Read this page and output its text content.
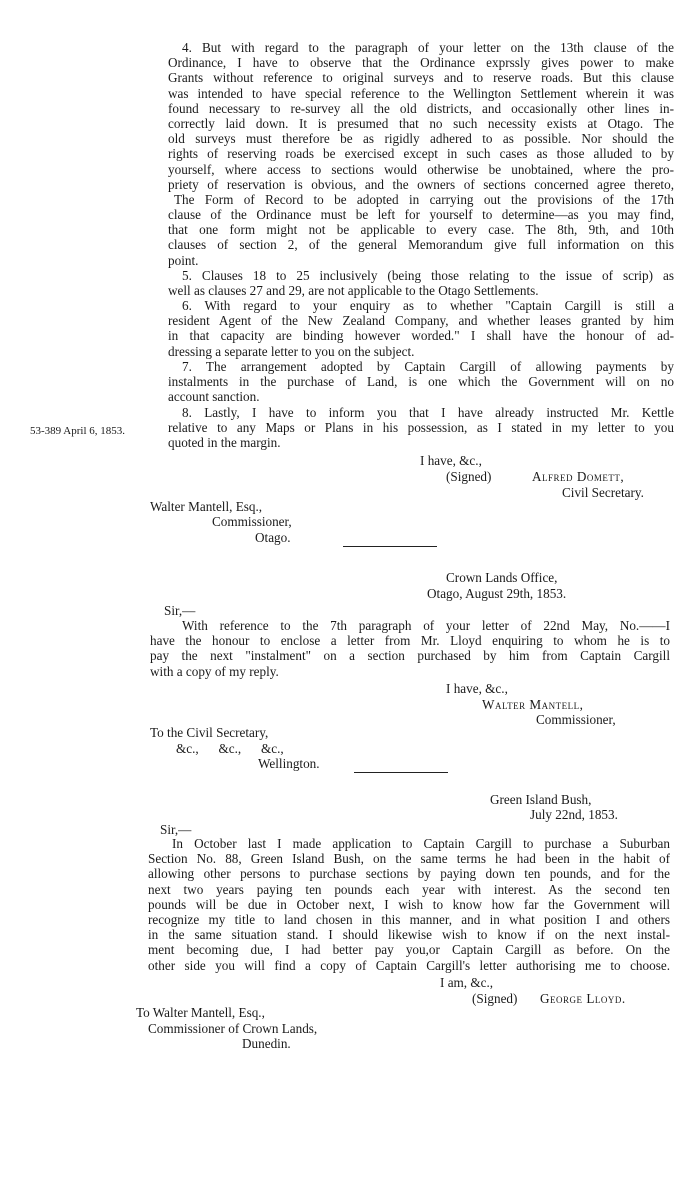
4. But with regard to the paragraph of your letter on the 13th clause of the
Ordinance, I have to observe that the Ordinance exprssly gives power to make
Grants without reference to original surveys and to reserve roads. But this clause
was intended to have special reference to the Wellington Settlement wherein it was
found necessary to re-survey all the old districts, and occasionally other lines in-
correctly laid down. It is presumed that no such necessity exists at Otago. The
old surveys must therefore be as rigidly adhered to as possible. Nor should the
rights of reserving roads be exercised except in such cases as those alluded to by
yourself, where access to sections would otherwise be unobtained, where the pro-
priety of reservation is obvious, and the owners of sections concerned agree thereto,
The Form of Record to be adopted in carrying out the provisions of the 17th
clause of the Ordinance must be left for yourself to determine—as you may find,
that one form might not be applicable to every case. The 8th, 9th, and 10th
clauses of section 2, of the general Memorandum give full information on this
point.
5. Clauses 18 to 25 inclusively (being those relating to the issue of scrip) as
well as clauses 27 and 29, are not applicable to the Otago Settlements.
6. With regard to your enquiry as to whether "Captain Cargill is still a
resident Agent of the New Zealand Company, and whether leases granted by him
in that capacity are binding however worded." I shall have the honour of ad-
dressing a separate letter to you on the subject.
7. The arrangement adopted by Captain Cargill of allowing payments by
instalments in the purchase of Land, is one which the Government will on no
account sanction.
8. Lastly, I have to inform you that I have already instructed Mr. Kettle
relative to any Maps or Plans in his possession, as I stated in my letter to you
quoted in the margin.
53-389 April 6, 1853.
I have, &c.,
(Signed)	Alfred Domett,
Civil Secretary.
Walter Mantell, Esq.,
Commissioner,
Otago.
Crown Lands Office,
Otago, August 29th, 1853.
Sir,—
With reference to the 7th paragraph of your letter of 22nd May, No.——I
have the honour to enclose a letter from Mr. Lloyd enquiring to whom he is to
pay the next "instalment" on a section purchased by him from Captain Cargill
with a copy of my reply.
I have, &c.,
Walter Mantell,
Commissioner,
To the Civil Secretary,
&c.,      &c.,      &c.,
Wellington.
Green Island Bush,
July 22nd, 1853.
Sir,—
In October last I made application to Captain Cargill to purchase a Suburban
Section No. 88, Green Island Bush, on the same terms he had been in the habit of
allowing other persons to purchase sections by paying down ten pounds, and for the
next two years paying ten pounds each year with interest. As the second ten
pounds will be due in October next, I wish to know how far the Government will
recognize my title to land chosen in this manner, and in what position I and others
in the same situation stand. I should likewise wish to know if on the next instal-
ment becoming due, I had better pay you,or Captain Cargill as before. On the
other side you will find a copy of Captain Cargill's letter authorising me to choose.
I am, &c.,
(Signed) George Lloyd.
To Walter Mantell, Esq.,
Commissioner of Crown Lands,
Dunedin.
